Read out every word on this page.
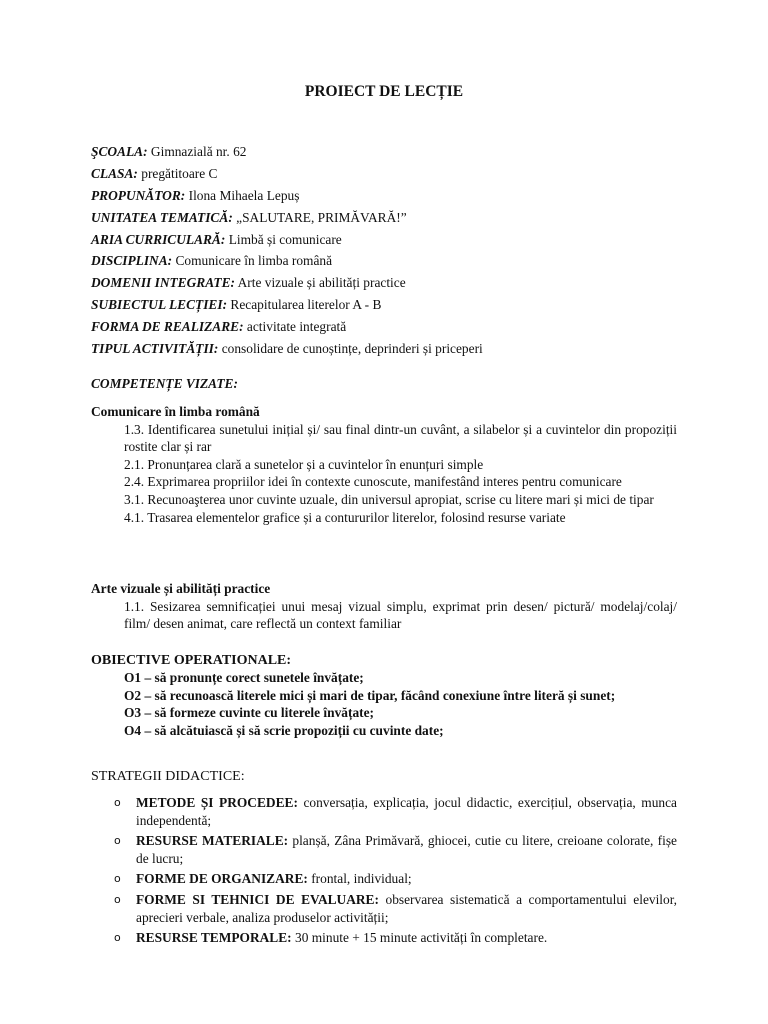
PROIECT DE LECȚIE
ŞCOALA: Gimnazială nr. 62
CLASA: pregătitoare C
PROPUNĂTOR: Ilona Mihaela Lepuș
UNITATEA TEMATICĂ: „SALUTARE, PRIMĂVARĂ!”
ARIA CURRICULARĂ: Limbă și comunicare
DISCIPLINA: Comunicare în limba română
DOMENII INTEGRATE: Arte vizuale și abilități practice
SUBIECTUL LECȚIEI: Recapitularea literelor A - B
FORMA DE REALIZARE: activitate integrată
TIPUL ACTIVITĂȚII: consolidare de cunoștințe, deprinderi și priceperi
COMPETENȚE VIZATE:
Comunicare în limba română

1.3. Identificarea sunetului inițial și/ sau final dintr-un cuvânt, a silabelor și a cuvintelor din propoziții rostite clar și rar

2.1. Pronunțarea clară a sunetelor și a cuvintelor în enunțuri simple

2.4. Exprimarea propriilor idei în contexte cunoscute, manifestând interes pentru comunicare

3.1. Recunoaşterea unor cuvinte uzuale, din universul apropiat, scrise cu litere mari și mici de tipar

4.1. Trasarea elementelor grafice și a contururilor literelor, folosind resurse variate

Arte vizuale și abilități practice

1.1. Sesizarea semnificației unui mesaj vizual simplu, exprimat prin desen/ pictură/ modelaj/colaj/ film/ desen animat, care reflectă un context familiar

OBIECTIVE OPERATIONALE:
O1 – să pronunțe corect sunetele învățate;
O2 – să recunoască literele mici și mari de tipar, făcând conexiune între literă și sunet;
O3 – să formeze cuvinte cu literele învățate;
O4 – să alcătuiască și să scrie propoziții cu cuvinte date;
STRATEGII DIDACTICE:
o METODE ȘI PROCEDEE: conversația, explicația, jocul didactic, exercițiul, observația, munca independentă;
o RESURSE MATERIALE: planșă, Zâna Primăvară, ghiocei, cutie cu litere, creioane colorate, fișe de lucru;
o FORME DE ORGANIZARE: frontal, individual;
o FORME SI TEHNICI DE EVALUARE: observarea sistematică a comportamentului elevilor, aprecieri verbale, analiza produselor activității;
o RESURSE TEMPORALE: 30 minute + 15 minute activități în completare.
